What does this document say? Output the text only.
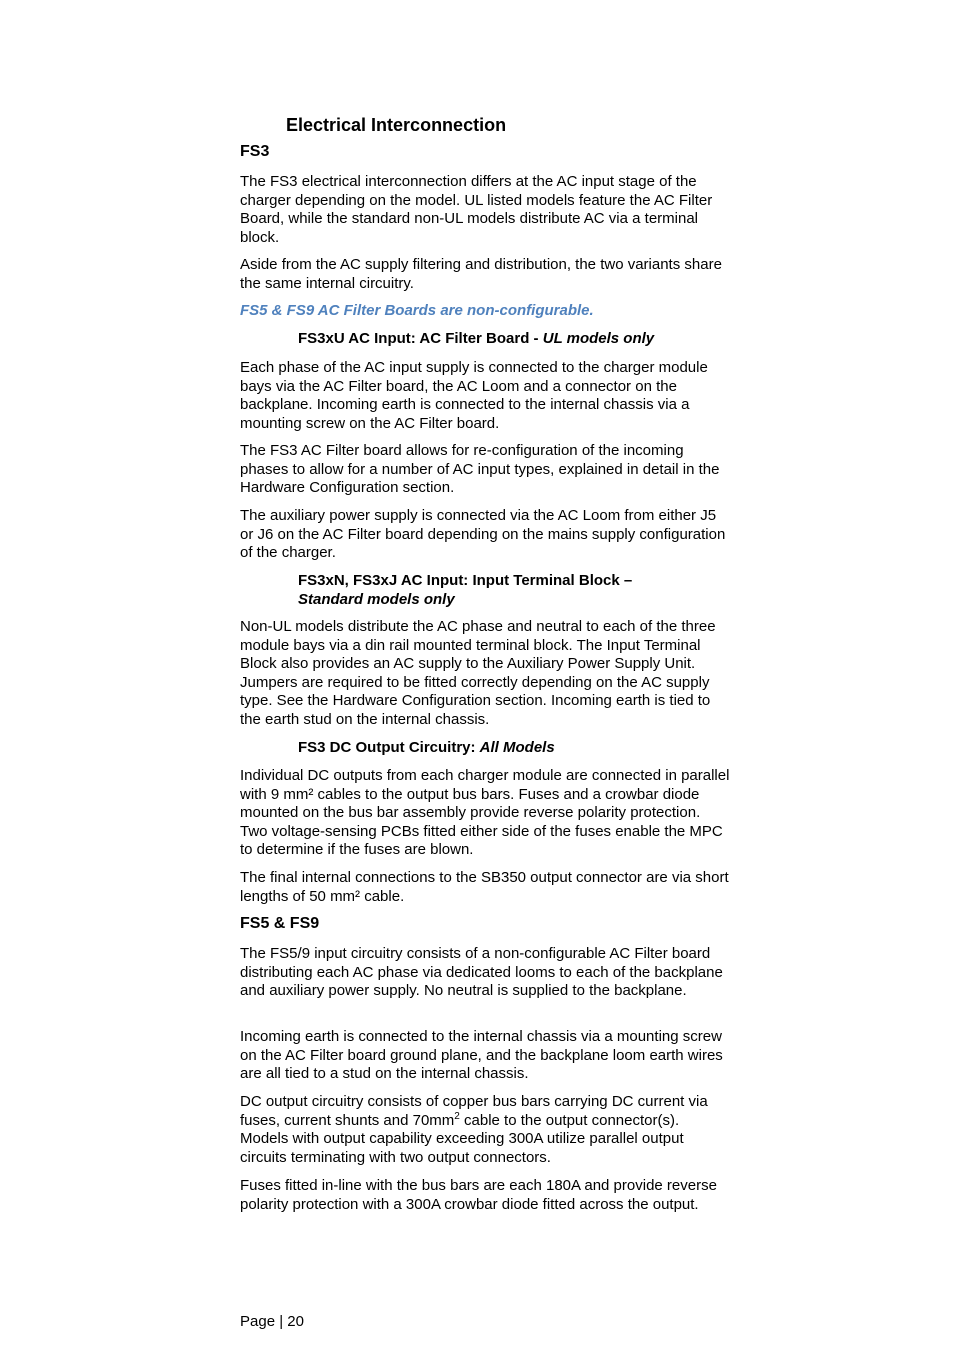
Electrical Interconnection
FS3

The FS3 electrical interconnection differs at the AC input stage of the charger depending on the model. UL listed models feature the AC Filter Board, while the standard non-UL models distribute AC via a terminal block.

Aside from the AC supply filtering and distribution, the two variants share the same internal circuitry.

FS5 & FS9 AC Filter Boards are non-configurable.
FS3xU AC Input: AC Filter Board - UL models only

Each phase of the AC input supply is connected to the charger module bays via the AC Filter board, the AC Loom and a connector on the backplane. Incoming earth is connected to the internal chassis via a mounting screw on the AC Filter board.

The FS3 AC Filter board allows for re-configuration of the incoming phases to allow for a number of AC input types, explained in detail in the Hardware Configuration section.

The auxiliary power supply is connected via the AC Loom from either J5 or J6 on the AC Filter board depending on the mains supply configuration of the charger.

FS3xN, FS3xJ AC Input: Input Terminal Block –
Standard models only

Non-UL models distribute the AC phase and neutral to each of the three module bays via a din rail mounted terminal block. The Input Terminal Block also provides an AC supply to the Auxiliary Power Supply Unit. Jumpers are required to be fitted correctly depending on the AC supply type. See the Hardware Configuration section. Incoming earth is tied to the earth stud on the internal chassis.

FS3 DC Output Circuitry: All Models

Individual DC outputs from each charger module are connected in parallel with 9 mm² cables to the output bus bars. Fuses and a crowbar diode mounted on the bus bar assembly provide reverse polarity protection. Two voltage-sensing PCBs fitted either side of the fuses enable the MPC to determine if the fuses are blown.

The final internal connections to the SB350 output connector are via short lengths of 50 mm² cable.

FS5 & FS9

The FS5/9 input circuitry consists of a non-configurable AC Filter board distributing each AC phase via dedicated looms to each of the backplane and auxiliary power supply. No neutral is supplied to the backplane.

Incoming earth is connected to the internal chassis via a mounting screw on the AC Filter board ground plane, and the backplane loom earth wires are all tied to a stud on the internal chassis.

DC output circuitry consists of copper bus bars carrying DC current via fuses, current shunts and $70mm^2$ cable to the output connector(s). Models with output capability exceeding 300A utilize parallel output circuits terminating with two output connectors.

Fuses fitted in-line with the bus bars are each 180A and provide reverse polarity protection with a 300A crowbar diode fitted across the output.

Page | 20
